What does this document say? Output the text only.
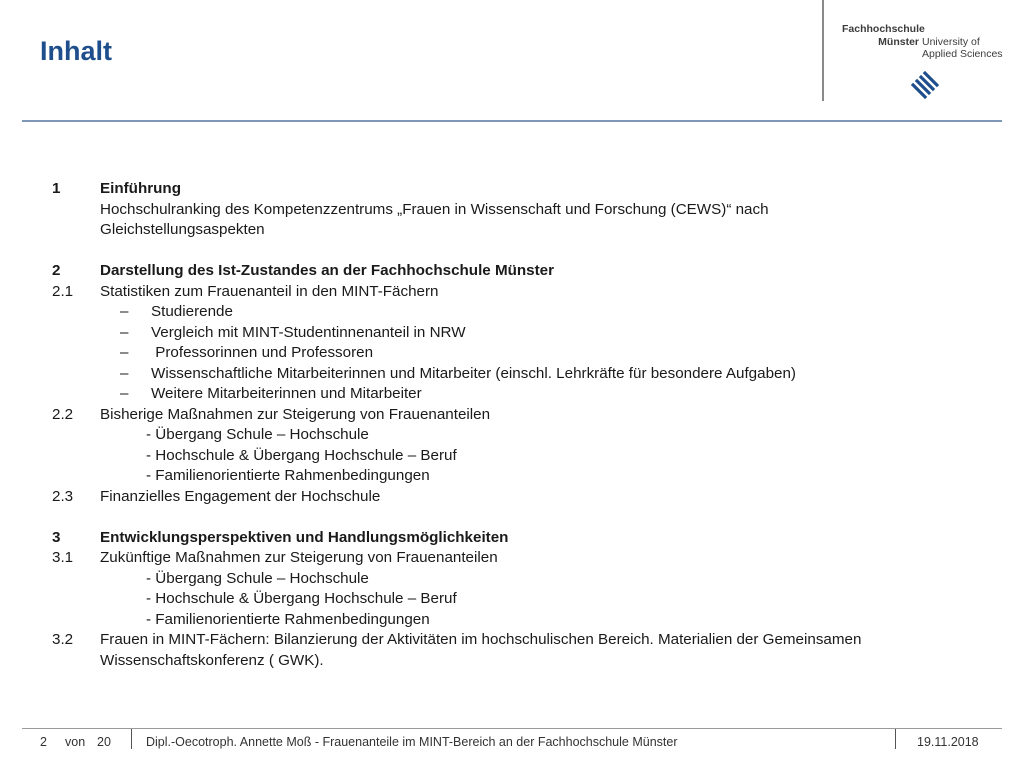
Inhalt
Fachhochschule
Münster University of
Applied Sciences
1	Einführung
Hochschulranking des Kompetenzzentrums „Frauen in Wissenschaft und Forschung (CEWS)“ nach
Gleichstellungsaspekten
2	Darstellung des Ist-Zustandes an der Fachhochschule Münster
2.1	Statistiken zum Frauenanteil in den MINT-Fächern
–	Studierende
–	Vergleich mit MINT-Studentinnenanteil in NRW
–	Professorinnen und Professoren
–	Wissenschaftliche Mitarbeiterinnen und Mitarbeiter (einschl. Lehrkräfte für besondere Aufgaben)
–	Weitere Mitarbeiterinnen und Mitarbeiter
2.2	Bisherige Maßnahmen zur Steigerung von Frauenanteilen
- Übergang Schule – Hochschule
- Hochschule & Übergang Hochschule – Beruf
- Familienorientierte Rahmenbedingungen
2.3	Finanzielles Engagement der Hochschule
3	Entwicklungsperspektiven und Handlungsmöglichkeiten
3.1	Zukünftige Maßnahmen zur Steigerung von Frauenanteilen
- Übergang Schule – Hochschule
- Hochschule & Übergang Hochschule – Beruf
- Familienorientierte Rahmenbedingungen
3.2	Frauen in MINT-Fächern: Bilanzierung der Aktivitäten im hochschulischen Bereich. Materialien der Gemeinsamen Wissenschaftskonferenz ( GWK).
2 von 20	Dipl.-Oecotroph. Annette Moß - Frauenanteile im MINT-Bereich an der Fachhochschule Münster	19.11.2018
